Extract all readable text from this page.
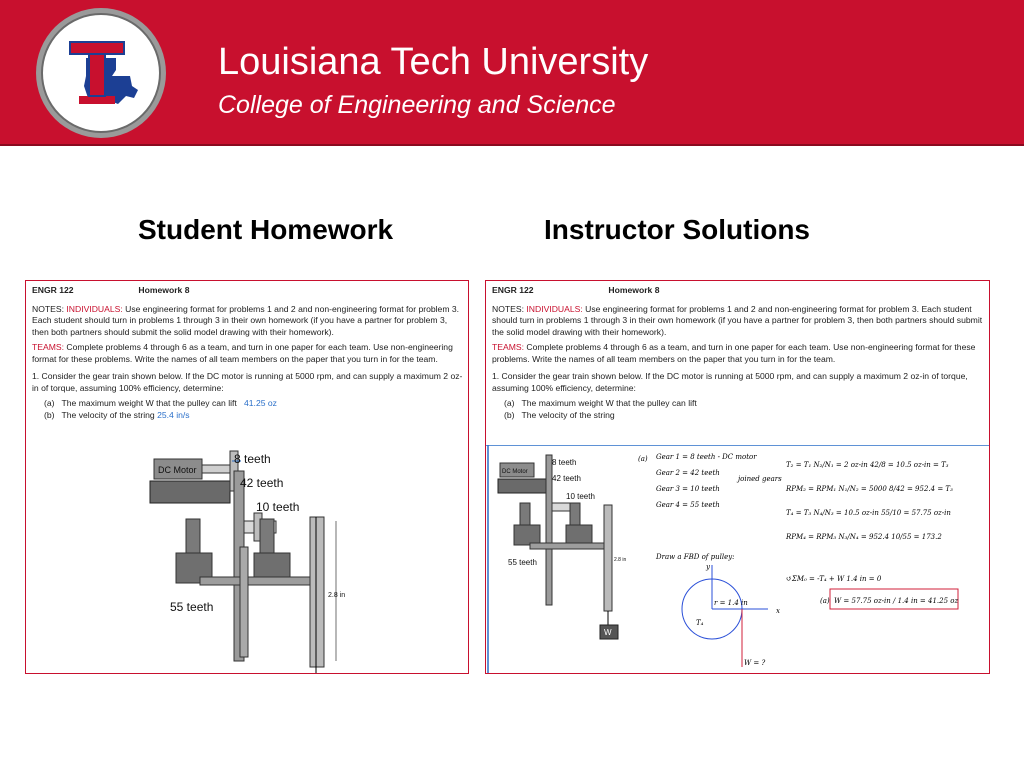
Louisiana Tech University
College of Engineering and Science
Student Homework	Instructor Solutions
ENGR 122	Homework 8
NOTES: INDIVIDUALS: Use engineering format for problems 1 and 2 and non-engineering format for problem 3. Each student should turn in problems 1 through 3 in their own homework (if you have a partner for problem 3, then both partners should submit the solid model drawing with their homework).
TEAMS: Complete problems 4 through 6 as a team, and turn in one paper for each team. Use non-engineering format for these problems. Write the names of all team members on the paper that you turn in for the team.
1. Consider the gear train shown below. If the DC motor is running at 5000 rpm, and can supply a maximum 2 oz-in of torque, assuming 100% efficiency, determine:
(a) The maximum weight W that the pulley can lift 41.25 oz
(b) The velocity of the string 25.4 in/s
DC Motor
2.8 in
8 teeth
42 teeth
10 teeth
55 teeth
ENGR 122	Homework 8
NOTES: INDIVIDUALS: Use engineering format for problems 1 and 2 and non-engineering format for problem 3. Each student should turn in problems 1 through 3 in their own homework (if you have a partner for problem 3, then both partners should submit the solid model drawing with their homework).
TEAMS: Complete problems 4 through 6 as a team, and turn in one paper for each team. Use non-engineering format for these problems. Write the names of all team members on the paper that you turn in for the team.
1. Consider the gear train shown below. If the DC motor is running at 5000 rpm, and can supply a maximum 2 oz-in of torque, assuming 100% efficiency, determine:
(a) The maximum weight W that the pulley can lift
(b) The velocity of the string
DC Motor
W
8 teeth
42 teeth
10 teeth
55 teeth	2.8 in
(a) Gear 1 = 8 teeth - DC motor
Gear 2 = 42 teeth
Gear 3 = 10 teeth
Gear 4 = 55 teeth
joined gears
T₂ = T₁ N₂/N₁ = 2 oz-in 42/8 = 10.5 oz-in = T₃
RPM₂ = RPM₁ N₁/N₂ = 5000 8/42 = 952.4 = T₃
T₄ = T₃ N₄/N₃ = 10.5 oz-in 55/10 = 57.75 oz-in
RPM₄ = RPM₃ N₃/N₄ = 952.4 10/55 = 173.2
Draw a FBD of pulley:
y
x
T₄
r = 1.4 in
W = ?
↺ΣM₀ = -T₄ + W 1.4 in = 0
(a) W = 57.75 oz-in / 1.4 in = 41.25 oz
